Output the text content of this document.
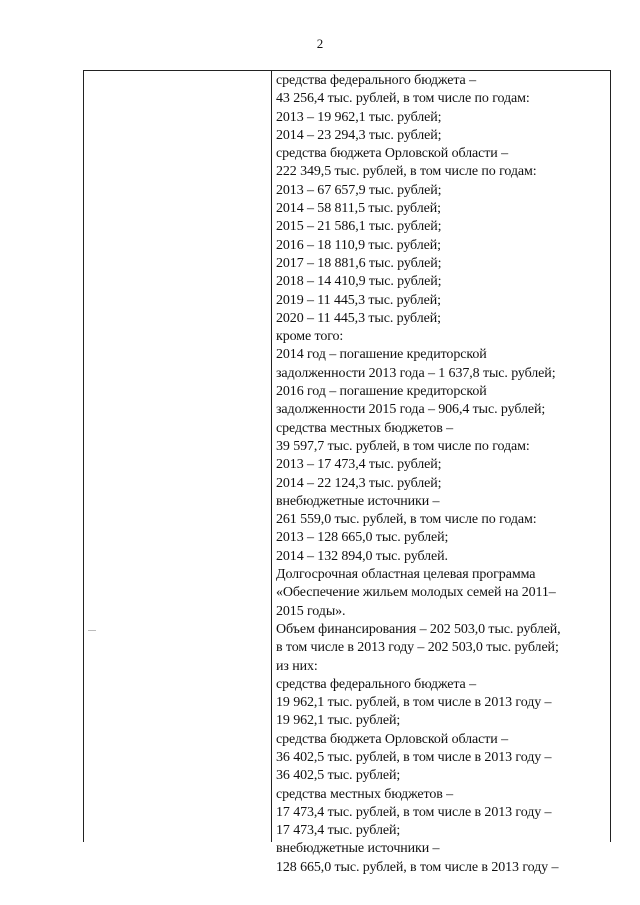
2
средства федерального бюджета –
43 256,4 тыс. рублей, в том числе по годам:
2013 – 19 962,1 тыс. рублей;
2014 – 23 294,3 тыс. рублей;
средства бюджета Орловской области –
222 349,5 тыс. рублей, в том числе по годам:
2013 – 67 657,9 тыс. рублей;
2014 – 58 811,5 тыс. рублей;
2015 – 21 586,1 тыс. рублей;
2016 – 18 110,9 тыс. рублей;
2017 – 18 881,6 тыс. рублей;
2018 – 14 410,9 тыс. рублей;
2019 – 11 445,3 тыс. рублей;
2020 – 11 445,3 тыс. рублей;
кроме того:
2014 год – погашение кредиторской
задолженности 2013 года – 1 637,8 тыс. рублей;
2016 год – погашение кредиторской
задолженности 2015 года – 906,4 тыс. рублей;
средства местных бюджетов –
39 597,7 тыс. рублей, в том числе по годам:
2013 – 17 473,4 тыс. рублей;
2014 – 22 124,3 тыс. рублей;
внебюджетные источники –
261 559,0 тыс. рублей, в том числе по годам:
2013 – 128 665,0 тыс. рублей;
2014 – 132 894,0 тыс. рублей.
Долгосрочная областная целевая программа
«Обеспечение жильем молодых семей на 2011–
2015 годы».
Объем финансирования – 202 503,0 тыс. рублей,
в том числе в 2013 году – 202 503,0 тыс. рублей;
из них:
средства федерального бюджета –
19 962,1 тыс. рублей, в том числе в 2013 году –
19 962,1 тыс. рублей;
средства бюджета Орловской области –
36 402,5 тыс. рублей, в том числе в 2013 году –
36 402,5 тыс. рублей;
средства местных бюджетов –
17 473,4 тыс. рублей, в том числе в 2013 году –
17 473,4 тыс. рублей;
внебюджетные источники –
128 665,0 тыс. рублей, в том числе в 2013 году –
